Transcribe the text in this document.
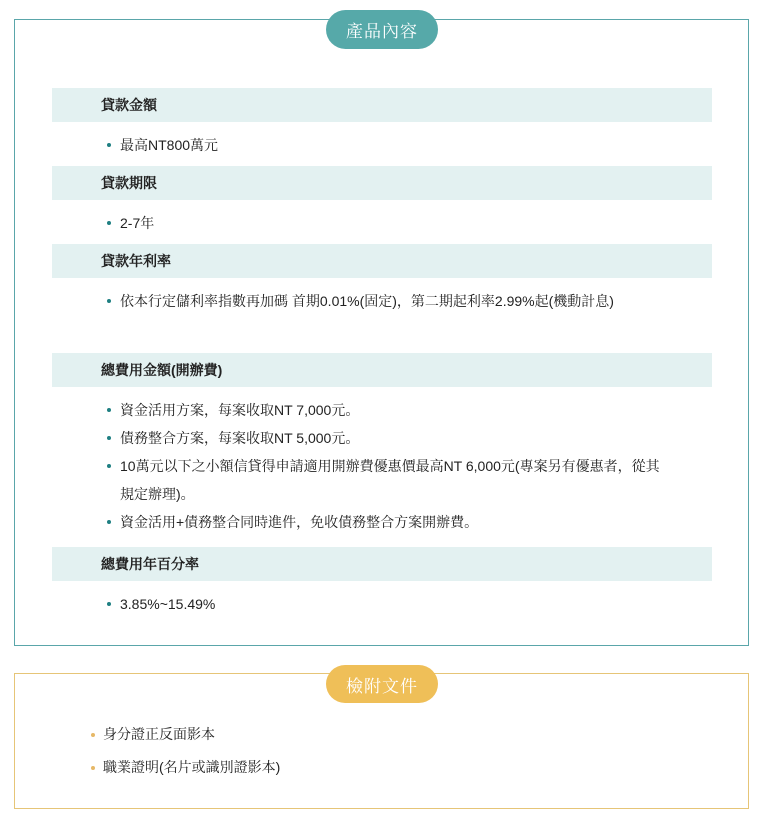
產品內容
貸款金額
最高NT800萬元
貸款期限
2-7年
貸款年利率
依本行定儲利率指數再加碼 首期0.01%(固定)，第二期起利率2.99%起(機動計息)
總費用金額(開辦費)
資金活用方案，每案收取NT 7,000元。
債務整合方案，每案收取NT 5,000元。
10萬元以下之小額信貸得申請適用開辦費優惠價最高NT 6,000元(專案另有優惠者，從其規定辦理)。
資金活用+債務整合同時進件，免收債務整合方案開辦費。
總費用年百分率
3.85%~15.49%
檢附文件
身分證正反面影本
職業證明(名片或識別證影本)
